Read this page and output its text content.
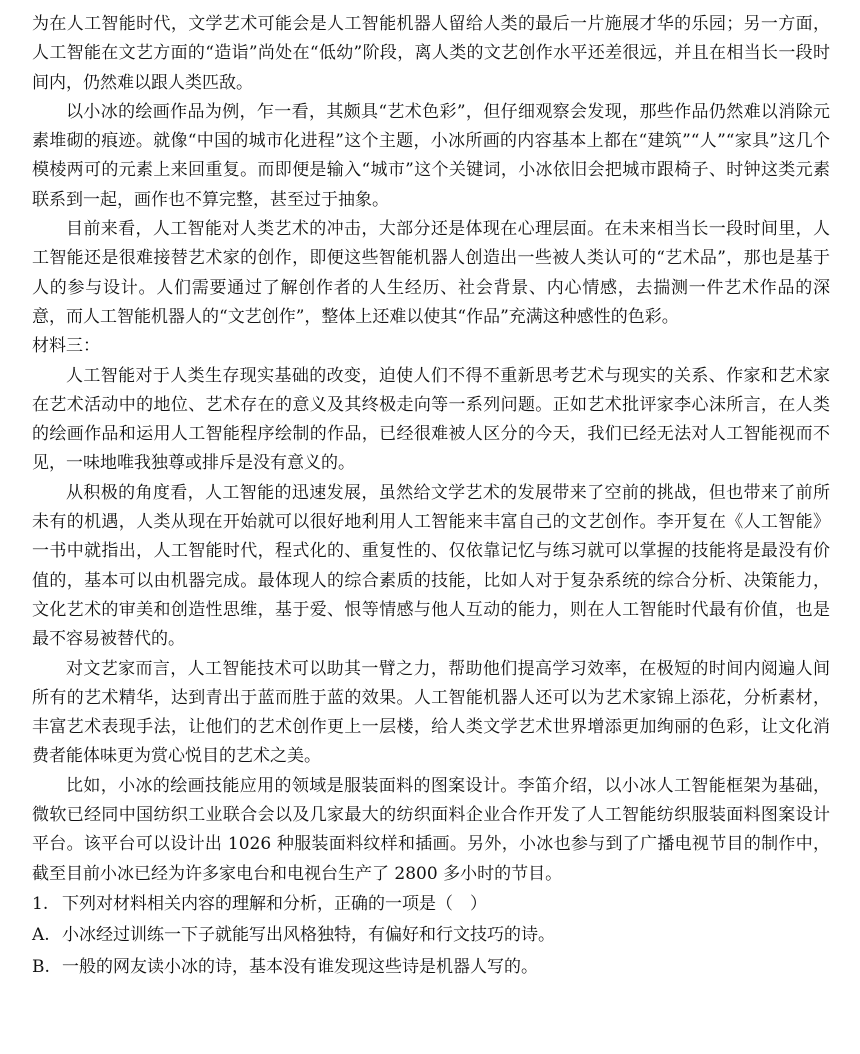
为在人工智能时代，文学艺术可能会是人工智能机器人留给人类的最后一片施展才华的乐园；另一方面，人工智能在文艺方面的“造诣”尚处在“低幼”阶段，离人类的文艺创作水平还差很远，并且在相当长一段时间内，仍然难以跟人类匹敌。

以小冰的绘画作品为例，乍一看，其颇具“艺术色彩”，但仔细观察会发现，那些作品仍然难以消除元素堆砌的痕迹。就像“中国的城市化进程”这个主题，小冰所画的内容基本上都在“建筑”“人”“家具”这几个模棱两可的元素上来回重复。而即便是输入“城市”这个关键词，小冰依旧会把城市跟椅子、时钟这类元素联系到一起，画作也不算完整，甚至过于抽象。

目前来看，人工智能对人类艺术的冲击，大部分还是体现在心理层面。在未来相当长一段时间里，人工智能还是很难接替艺术家的创作，即便这些智能机器人创造出一些被人类认可的“艺术品”，那也是基于人的参与设计。人们需要通过了解创作者的人生经历、社会背景、内心情感，去揣测一件艺术作品的深意，而人工智能机器人的“文艺创作”，整体上还难以使其“作品”充满这种感性的色彩。

材料三：

人工智能对于人类生存现实基础的改变，迫使人们不得不重新思考艺术与现实的关系、作家和艺术家在艺术活动中的地位、艺术存在的意义及其终极走向等一系列问题。正如艺术批评家李心沫所言，在人类的绘画作品和运用人工智能程序绘制的作品，已经很难被人区分的今天，我们已经无法对人工智能视而不见，一味地唯我独尊或排斥是没有意义的。

从积极的角度看，人工智能的迅速发展，虽然给文学艺术的发展带来了空前的挑战，但也带来了前所未有的机遇，人类从现在开始就可以很好地利用人工智能来丰富自己的文艺创作。李开复在《人工智能》一书中就指出，人工智能时代，程式化的、重复性的、仅依靠记忆与练习就可以掌握的技能将是最没有价值的，基本可以由机器完成。最体现人的综合素质的技能，比如人对于复杂系统的综合分析、决策能力，文化艺术的审美和创造性思维，基于爱、恨等情感与他人互动的能力，则在人工智能时代最有价值，也是最不容易被替代的。

对文艺家而言，人工智能技术可以助其一臂之力，帮助他们提高学习效率，在极短的时间内阅遍人间所有的艺术精华，达到青出于蓝而胜于蓝的效果。人工智能机器人还可以为艺术家锦上添花，分析素材，丰富艺术表现手法，让他们的艺术创作更上一层楼，给人类文学艺术世界增添更加绚丽的色彩，让文化消费者能体味更为赏心悦目的艺术之美。

比如，小冰的绘画技能应用的领域是服装面料的图案设计。李笛介绍，以小冰人工智能框架为基础，微软已经同中国纺织工业联合会以及几家最大的纺织面料企业合作开发了人工智能纺织服装面料图案设计平台。该平台可以设计出 1026 种服装面料纹样和插画。另外，小冰也参与到了广播电视节目的制作中，截至目前小冰已经为许多家电台和电视台生产了 2800 多小时的节目。

1. 下列对材料相关内容的理解和分析，正确的一项是（　）

A. 小冰经过训练一下子就能写出风格独特，有偏好和行文技巧的诗。

B. 一般的网友读小冰的诗，基本没有谁发现这些诗是机器人写的。
